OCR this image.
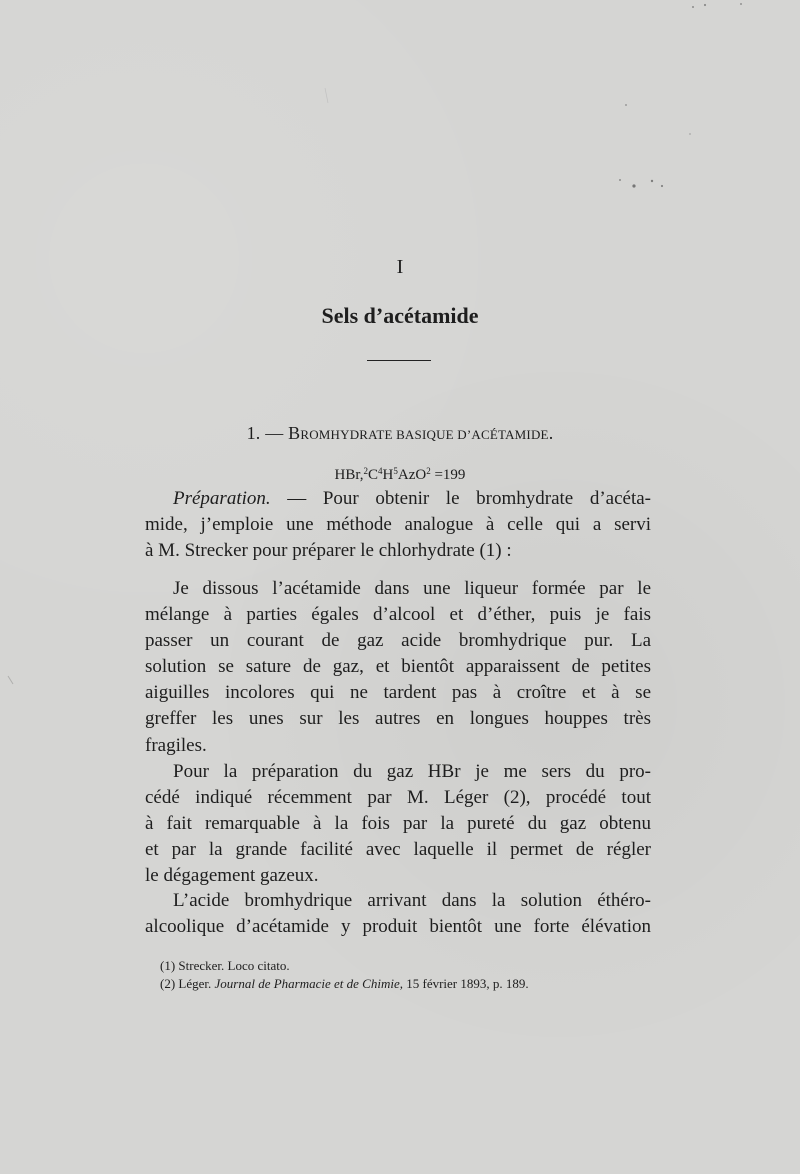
I
Sels d’acétamide
1. — BROMHYDRATE BASIQUE D’ACÉTAMIDE.
$HBr,^2C^4H^5AzO^2 =199$
Préparation. — Pour obtenir le bromhydrate d’acéta-
mide, j’emploie une méthode analogue à celle qui a servi
à M. Strecker pour préparer le chlorhydrate (1) :
Je dissous l’acétamide dans une liqueur formée par le
mélange à parties égales d’alcool et d’éther, puis je fais
passer un courant de gaz acide bromhydrique pur. La
solution se sature de gaz, et bientôt apparaissent de petites
aiguilles incolores qui ne tardent pas à croître et à se
greffer les unes sur les autres en longues houppes très
fragiles.
Pour la préparation du gaz HBr je me sers du pro-
cédé indiqué récemment par M. Léger (2), procédé tout
à fait remarquable à la fois par la pureté du gaz obtenu
et par la grande facilité avec laquelle il permet de régler
le dégagement gazeux.
L’acide bromhydrique arrivant dans la solution éthéro-
alcoolique d’acétamide y produit bientôt une forte élévation
(1) Strecker. Loco citato.
(2) Léger. Journal de Pharmacie et de Chimie, 15 février 1893, p. 189.
